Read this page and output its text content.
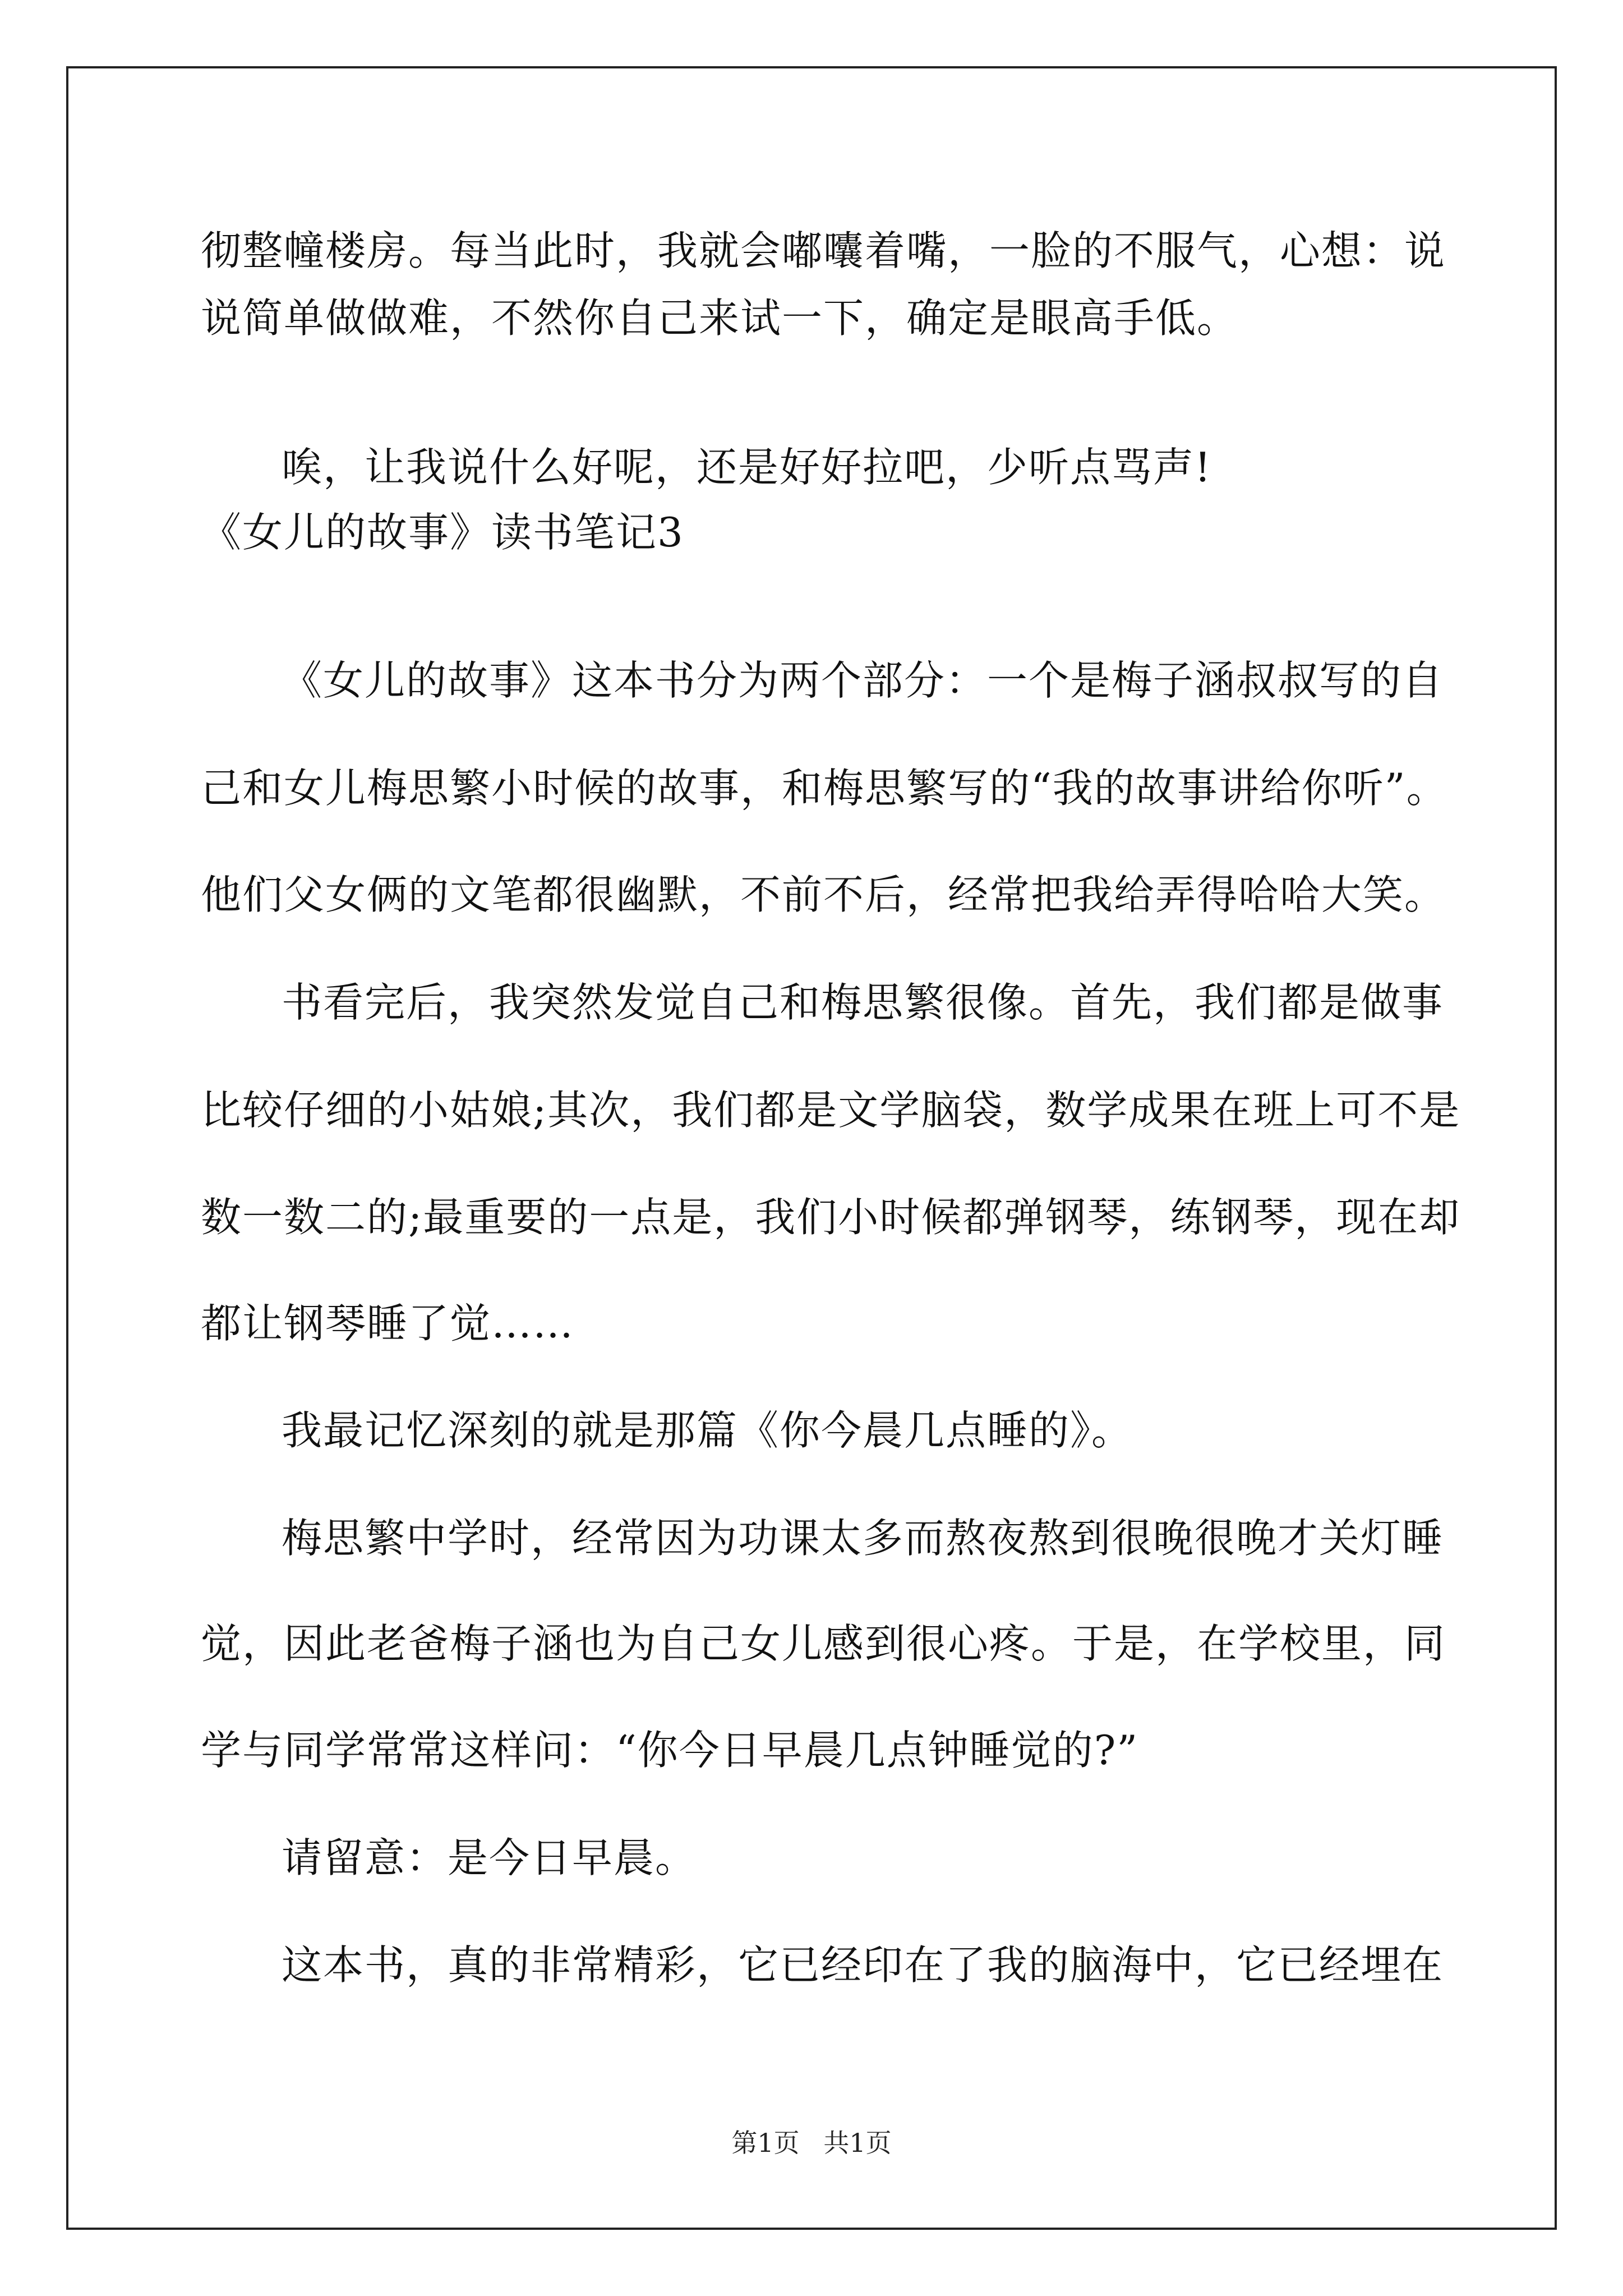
彻整幢楼房。每当此时，我就会嘟囔着嘴，一脸的不服气，心想：说
说简单做做难，不然你自己来试一下，确定是眼高手低。
唉，让我说什么好呢，还是好好拉吧，少听点骂声!
《女儿的故事》读书笔记3
《女儿的故事》这本书分为两个部分：一个是梅子涵叔叔写的自
己和女儿梅思繁小时候的故事，和梅思繁写的“我的故事讲给你听”。
他们父女俩的文笔都很幽默，不前不后，经常把我给弄得哈哈大笑。
书看完后，我突然发觉自己和梅思繁很像。首先，我们都是做事
比较仔细的小姑娘;其次，我们都是文学脑袋，数学成果在班上可不是
数一数二的;最重要的一点是，我们小时候都弹钢琴，练钢琴，现在却
都让钢琴睡了觉……
我最记忆深刻的就是那篇《你今晨几点睡的》。
梅思繁中学时，经常因为功课太多而熬夜熬到很晚很晚才关灯睡
觉，因此老爸梅子涵也为自己女儿感到很心疼。于是，在学校里，同
学与同学常常这样问：“你今日早晨几点钟睡觉的?”
请留意：是今日早晨。
这本书，真的非常精彩，它已经印在了我的脑海中，它已经埋在
第1页 共1页
